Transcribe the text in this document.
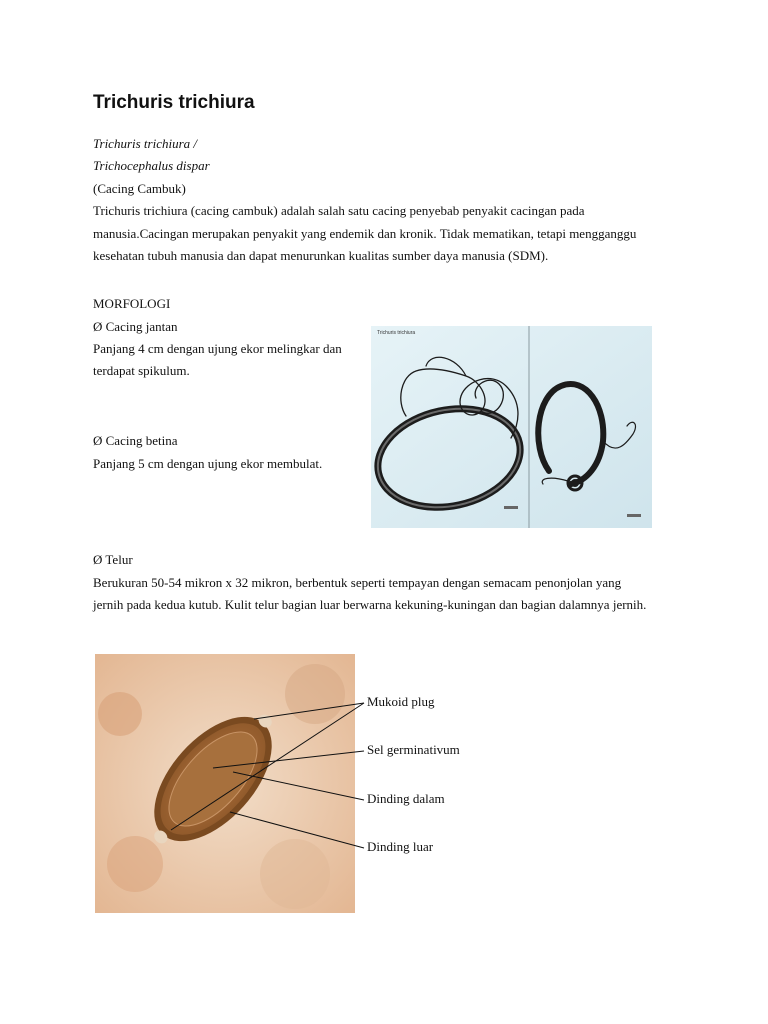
Trichuris trichiura

Trichuris trichiura /

Trichocephalus dispar

(Cacing Cambuk)

Trichuris trichiura (cacing cambuk) adalah salah satu cacing penyebab penyakit cacingan pada

manusia.Cacingan merupakan penyakit yang endemik dan kronik. Tidak mematikan, tetapi mengganggu

kesehatan tubuh manusia dan dapat menurunkan kualitas sumber daya manusia (SDM).

MORFOLOGI

Ø Cacing jantan

Panjang 4 cm dengan ujung ekor melingkar dan

terdapat spikulum.

Ø Cacing betina

Panjang 5 cm dengan ujung ekor membulat.

Trichuris trichiura

Ø Telur

Berukuran 50-54 mikron x 32 mikron, berbentuk seperti tempayan dengan semacam penonjolan yang

jernih pada kedua kutub. Kulit telur bagian luar berwarna kekuning-kuningan dan bagian dalamnya jernih.

Mukoid plug
Sel germinativum
Dinding dalam
Dinding luar
